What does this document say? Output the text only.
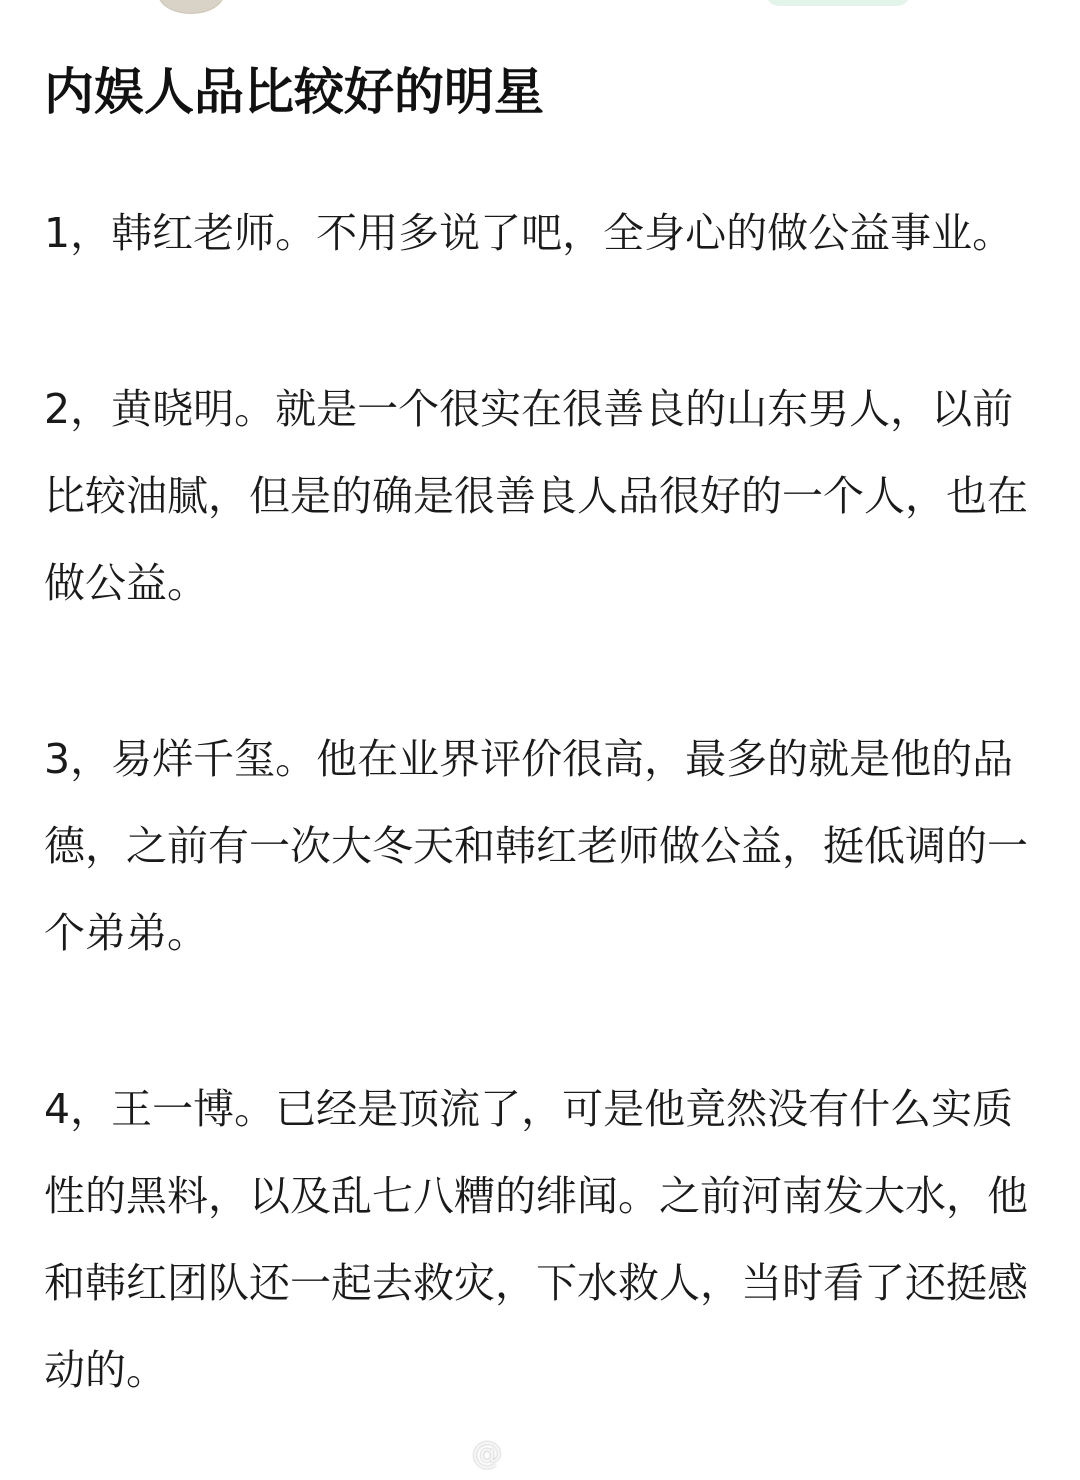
内娱人品比较好的明星

1，韩红老师。不用多说了吧，全身心的做公益事业。

2，黄晓明。就是一个很实在很善良的山东男人，以前比较油腻，但是的确是很善良人品很好的一个人，也在做公益。

3，易烊千玺。他在业界评价很高，最多的就是他的品德，之前有一次大冬天和韩红老师做公益，挺低调的一个弟弟。

4，王一博。已经是顶流了，可是他竟然没有什么实质性的黑料，以及乱七八糟的绯闻。之前河南发大水，他和韩红团队还一起去救灾，下水救人，当时看了还挺感动的。

@
